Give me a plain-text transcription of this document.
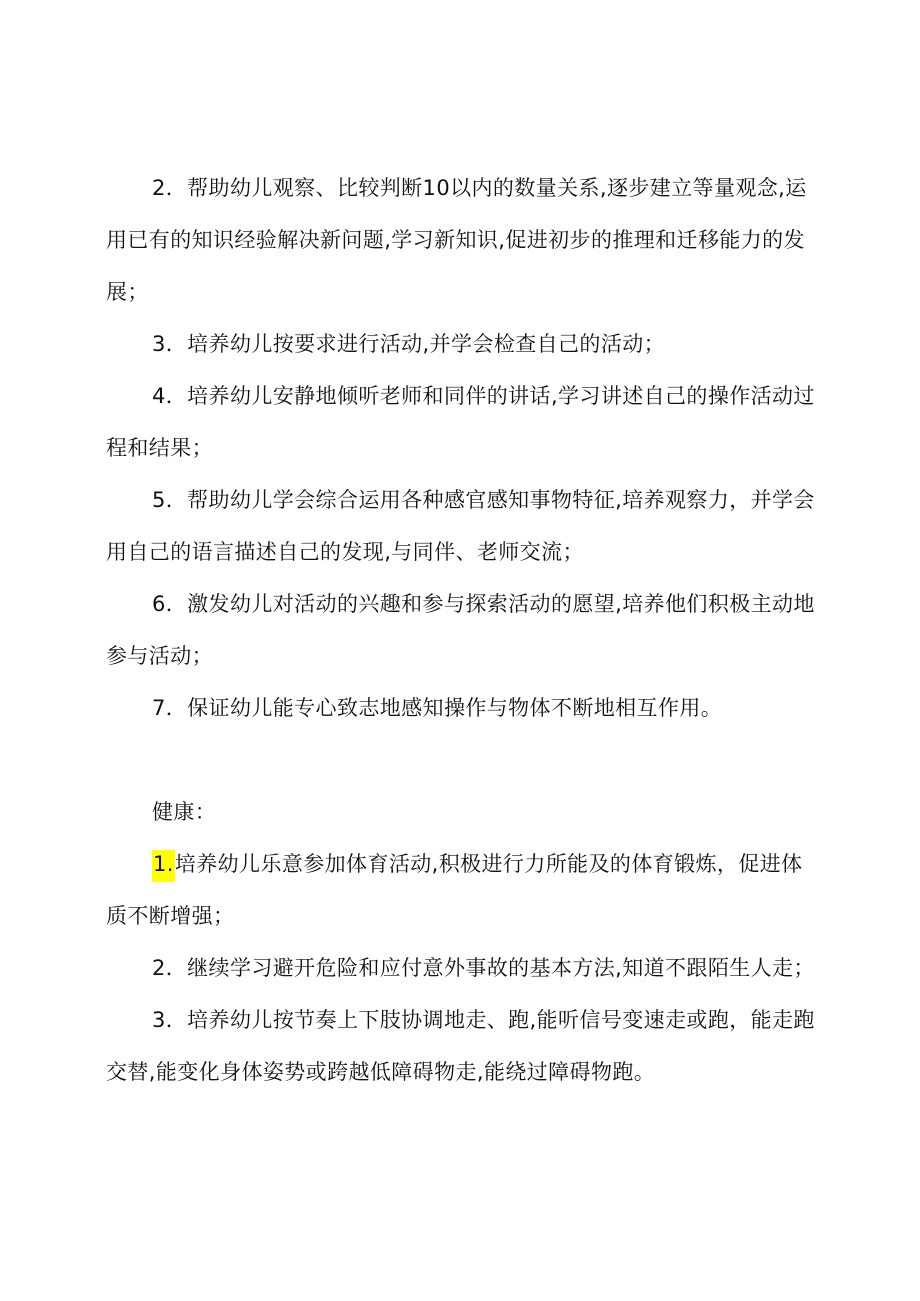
2．帮助幼儿观察、比较判断10以内的数量关系,逐步建立等量观念,运用已有的知识经验解决新问题,学习新知识,促进初步的推理和迁移能力的发展；

3．培养幼儿按要求进行活动,并学会检查自己的活动；

4．培养幼儿安静地倾听老师和同伴的讲话,学习讲述自己的操作活动过程和结果；

5．帮助幼儿学会综合运用各种感官感知事物特征,培养观察力，并学会用自己的语言描述自己的发现,与同伴、老师交流；

6．激发幼儿对活动的兴趣和参与探索活动的愿望,培养他们积极主动地参与活动；

7．保证幼儿能专心致志地感知操作与物体不断地相互作用。

健康：

1.培养幼儿乐意参加体育活动,积极进行力所能及的体育锻炼，促进体质不断增强；

2．继续学习避开危险和应付意外事故的基本方法,知道不跟陌生人走；

3．培养幼儿按节奏上下肢协调地走、跑,能听信号变速走或跑，能走跑交替,能变化身体姿势或跨越低障碍物走,能绕过障碍物跑。
